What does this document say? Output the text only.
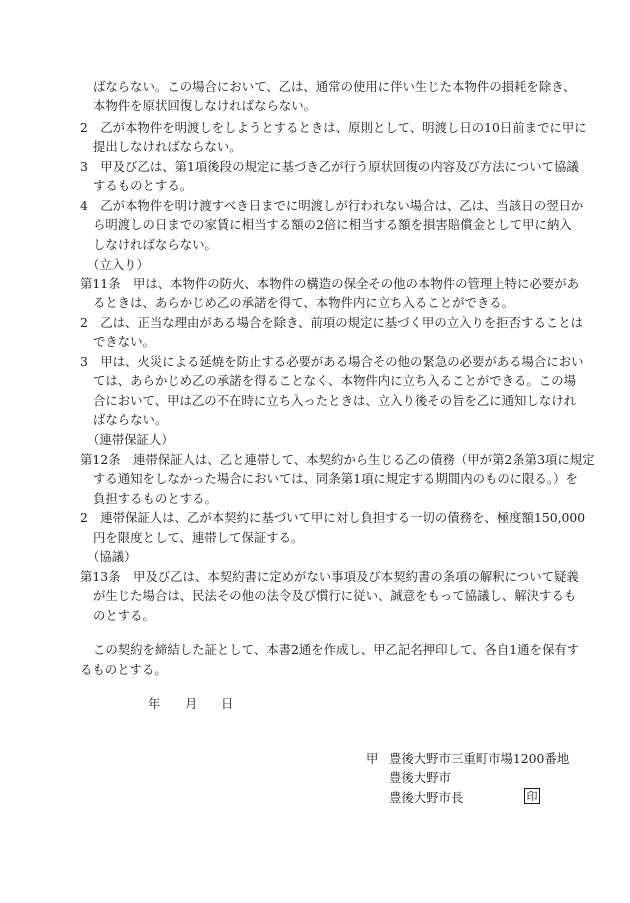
ばならない。この場合において、乙は、通常の使用に伴い生じた本物件の損耗を除き、
本物件を原状回復しなければならない。
2　乙が本物件を明渡しをしようとするときは、原則として、明渡し日の10日前までに甲に
提出しなければならない。
3　甲及び乙は、第1項後段の規定に基づき乙が行う原状回復の内容及び方法について協議
するものとする。
4　乙が本物件を明け渡すべき日までに明渡しが行われない場合は、乙は、当該日の翌日か
ら明渡しの日までの家賃に相当する額の2倍に相当する額を損害賠償金として甲に納入
しなければならない。
（立入り）
第11条　甲は、本物件の防火、本物件の構造の保全その他の本物件の管理上特に必要があ
るときは、あらかじめ乙の承諾を得て、本物件内に立ち入ることができる。
2　乙は、正当な理由がある場合を除き、前項の規定に基づく甲の立入りを拒否することは
できない。
3　甲は、火災による延焼を防止する必要がある場合その他の緊急の必要がある場合におい
ては、あらかじめ乙の承諾を得ることなく、本物件内に立ち入ることができる。この場
合において、甲は乙の不在時に立ち入ったときは、立入り後その旨を乙に通知しなけれ
ばならない。
（連帯保証人）
第12条　連帯保証人は、乙と連帯して、本契約から生じる乙の債務（甲が第2条第3項に規定
する通知をしなかった場合においては、同条第1項に規定する期間内のものに限る。）を
負担するものとする。
2　連帯保証人は、乙が本契約に基づいて甲に対し負担する一切の債務を、極度額150,000
円を限度として、連帯して保証する。
（協議）
第13条　甲及び乙は、本契約書に定めがない事項及び本契約書の条項の解釈について疑義
が生じた場合は、民法その他の法令及び慣行に従い、誠意をもって協議し、解決するも
のとする。
この契約を締結した証として、本書2通を作成し、甲乙記名押印して、各自1通を保有す
るものとする。
年 月 日
甲 豊後大野市三重町市場1200番地
豊後大野市
豊後大野市長	印
